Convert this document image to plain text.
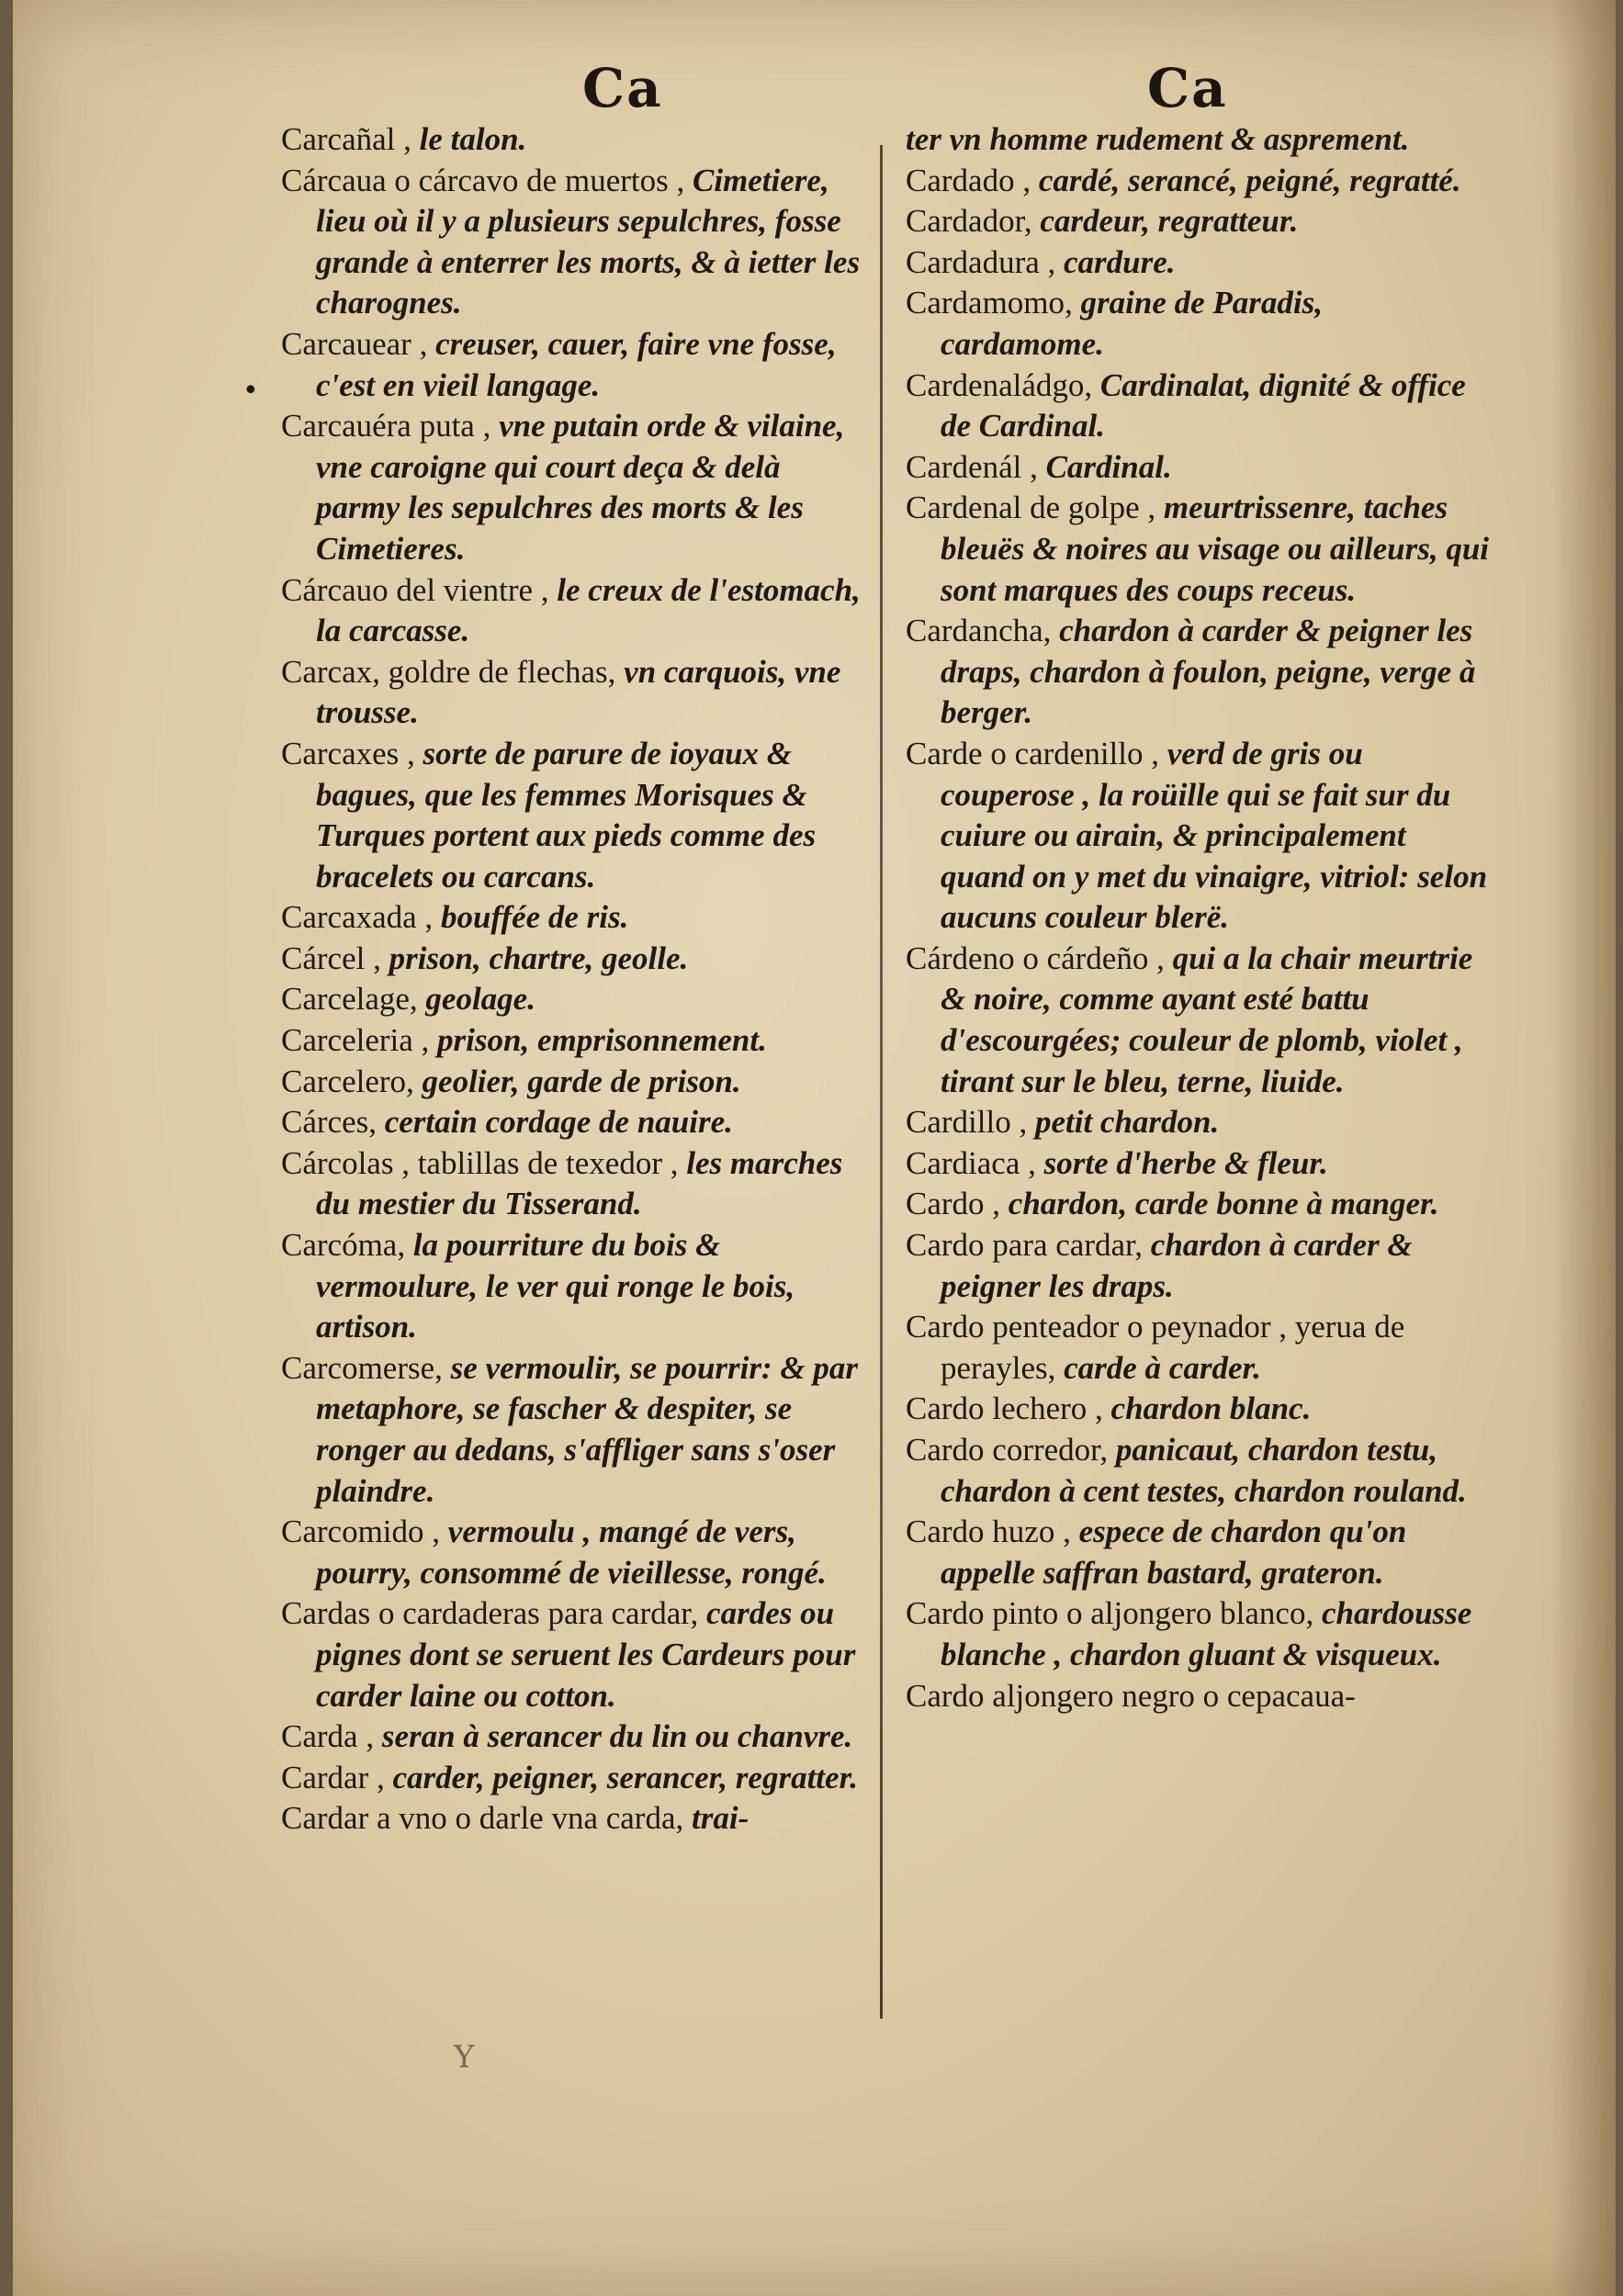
Ca	Ca
•

Carcañal , le talon.

Cárcaua o cárcavo de muertos , Cimetiere, lieu où il y a plusieurs sepulchres, fosse grande à enterrer les morts, & à ietter les charognes.

Carcauear , creuser, cauer, faire vne fosse, c'est en vieil langage.

Carcauéra puta , vne putain orde & vilaine, vne caroigne qui court deça & delà parmy les sepulchres des morts & les Cimetieres.

Cárcauo del vientre , le creux de l'estomach, la carcasse.

Carcax, goldre de flechas, vn carquois, vne trousse.

Carcaxes , sorte de parure de ioyaux & bagues, que les femmes Morisques & Turques portent aux pieds comme des bracelets ou carcans.

Carcaxada , bouffée de ris.

Cárcel , prison, chartre, geolle.

Carcelage, geolage.

Carceleria , prison, emprisonnement.

Carcelero, geolier, garde de prison.

Cárces, certain cordage de nauire.

Cárcolas , tablillas de texedor , les marches du mestier du Tisserand.

Carcóma, la pourriture du bois & vermoulure, le ver qui ronge le bois, artison.

Carcomerse, se vermoulir, se pourrir: & par metaphore, se fascher & despiter, se ronger au dedans, s'affliger sans s'oser plaindre.

Carcomido , vermoulu , mangé de vers, pourry, consommé de vieillesse, rongé.

Cardas o cardaderas para cardar, cardes ou pignes dont se seruent les Cardeurs pour carder laine ou cotton.

Carda , seran à serancer du lin ou chanvre.

Cardar , carder, peigner, serancer, regratter.

Cardar a vno o darle vna carda, trai-

ter vn homme rudement & asprement.

Cardado , cardé, serancé, peigné, regratté.

Cardador, cardeur, regratteur.

Cardadura , cardure.

Cardamomo, graine de Paradis, cardamome.

Cardenaládgo, Cardinalat, dignité & office de Cardinal.

Cardenál , Cardinal.

Cardenal de golpe , meurtrissenre, taches bleuës & noires au visage ou ailleurs, qui sont marques des coups receus.

Cardancha, chardon à carder & peigner les draps, chardon à foulon, peigne, verge à berger.

Carde o cardenillo , verd de gris ou couperose , la roüille qui se fait sur du cuiure ou airain, & principalement quand on y met du vinaigre, vitriol: selon aucuns couleur blerë.

Cárdeno o cárdeño , qui a la chair meurtrie & noire, comme ayant esté battu d'escourgées; couleur de plomb, violet , tirant sur le bleu, terne, liuide.

Cardillo , petit chardon.

Cardiaca , sorte d'herbe & fleur.

Cardo , chardon, carde bonne à manger.

Cardo para cardar, chardon à carder & peigner les draps.

Cardo penteador o peynador , yerua de perayles, carde à carder.

Cardo lechero , chardon blanc.

Cardo corredor, panicaut, chardon testu, chardon à cent testes, chardon rouland.

Cardo huzo , espece de chardon qu'on appelle saffran bastard, grateron.

Cardo pinto o aljongero blanco, chardousse blanche , chardon gluant & visqueux.

Cardo aljongero negro o cepacaua-

Y
